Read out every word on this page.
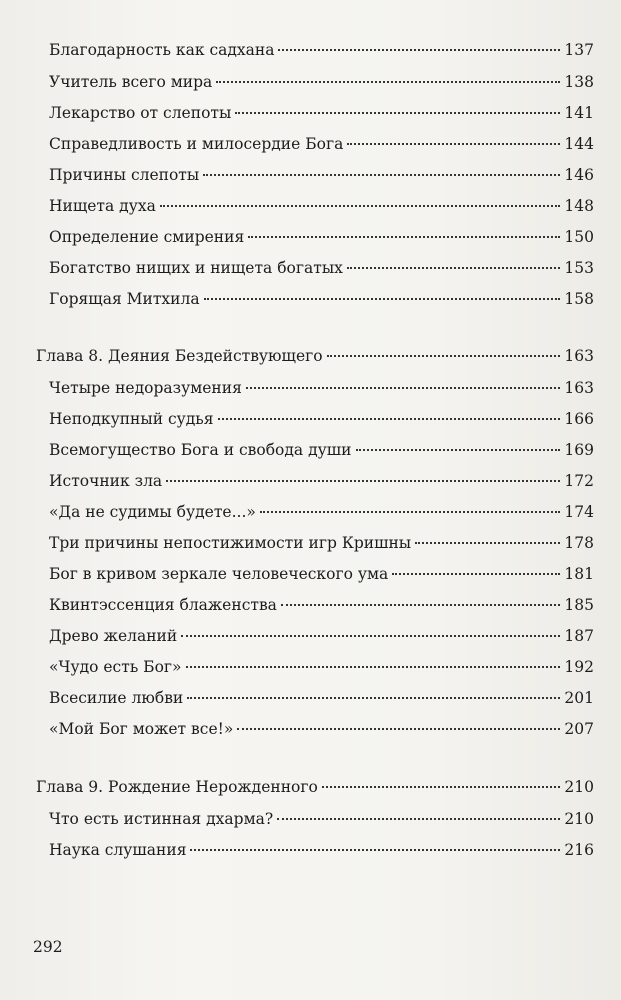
Благодарность как садхана	137
Учитель всего мира	138
Лекарство от слепоты	141
Справедливость и милосердие Бога	144
Причины слепоты	146
Нищета духа	148
Определение смирения	150
Богатство нищих и нищета богатых	153
Горящая Митхила	158
Глава 8. Деяния Бездействующего	163
Четыре недоразумения	163
Неподкупный судья	166
Всемогущество Бога и свобода души	169
Источник зла	172
«Да не судимы будете...»	174
Три причины непостижимости игр Кришны	178
Бог в кривом зеркале человеческого ума	181
Квинтэссенция блаженства	185
Древо желаний	187
«Чудо есть Бог»	192
Всесилие любви	201
«Мой Бог может все!»	207
Глава 9. Рождение Нерожденного	210
Что есть истинная дхарма?	210
Наука слушания	216
292
